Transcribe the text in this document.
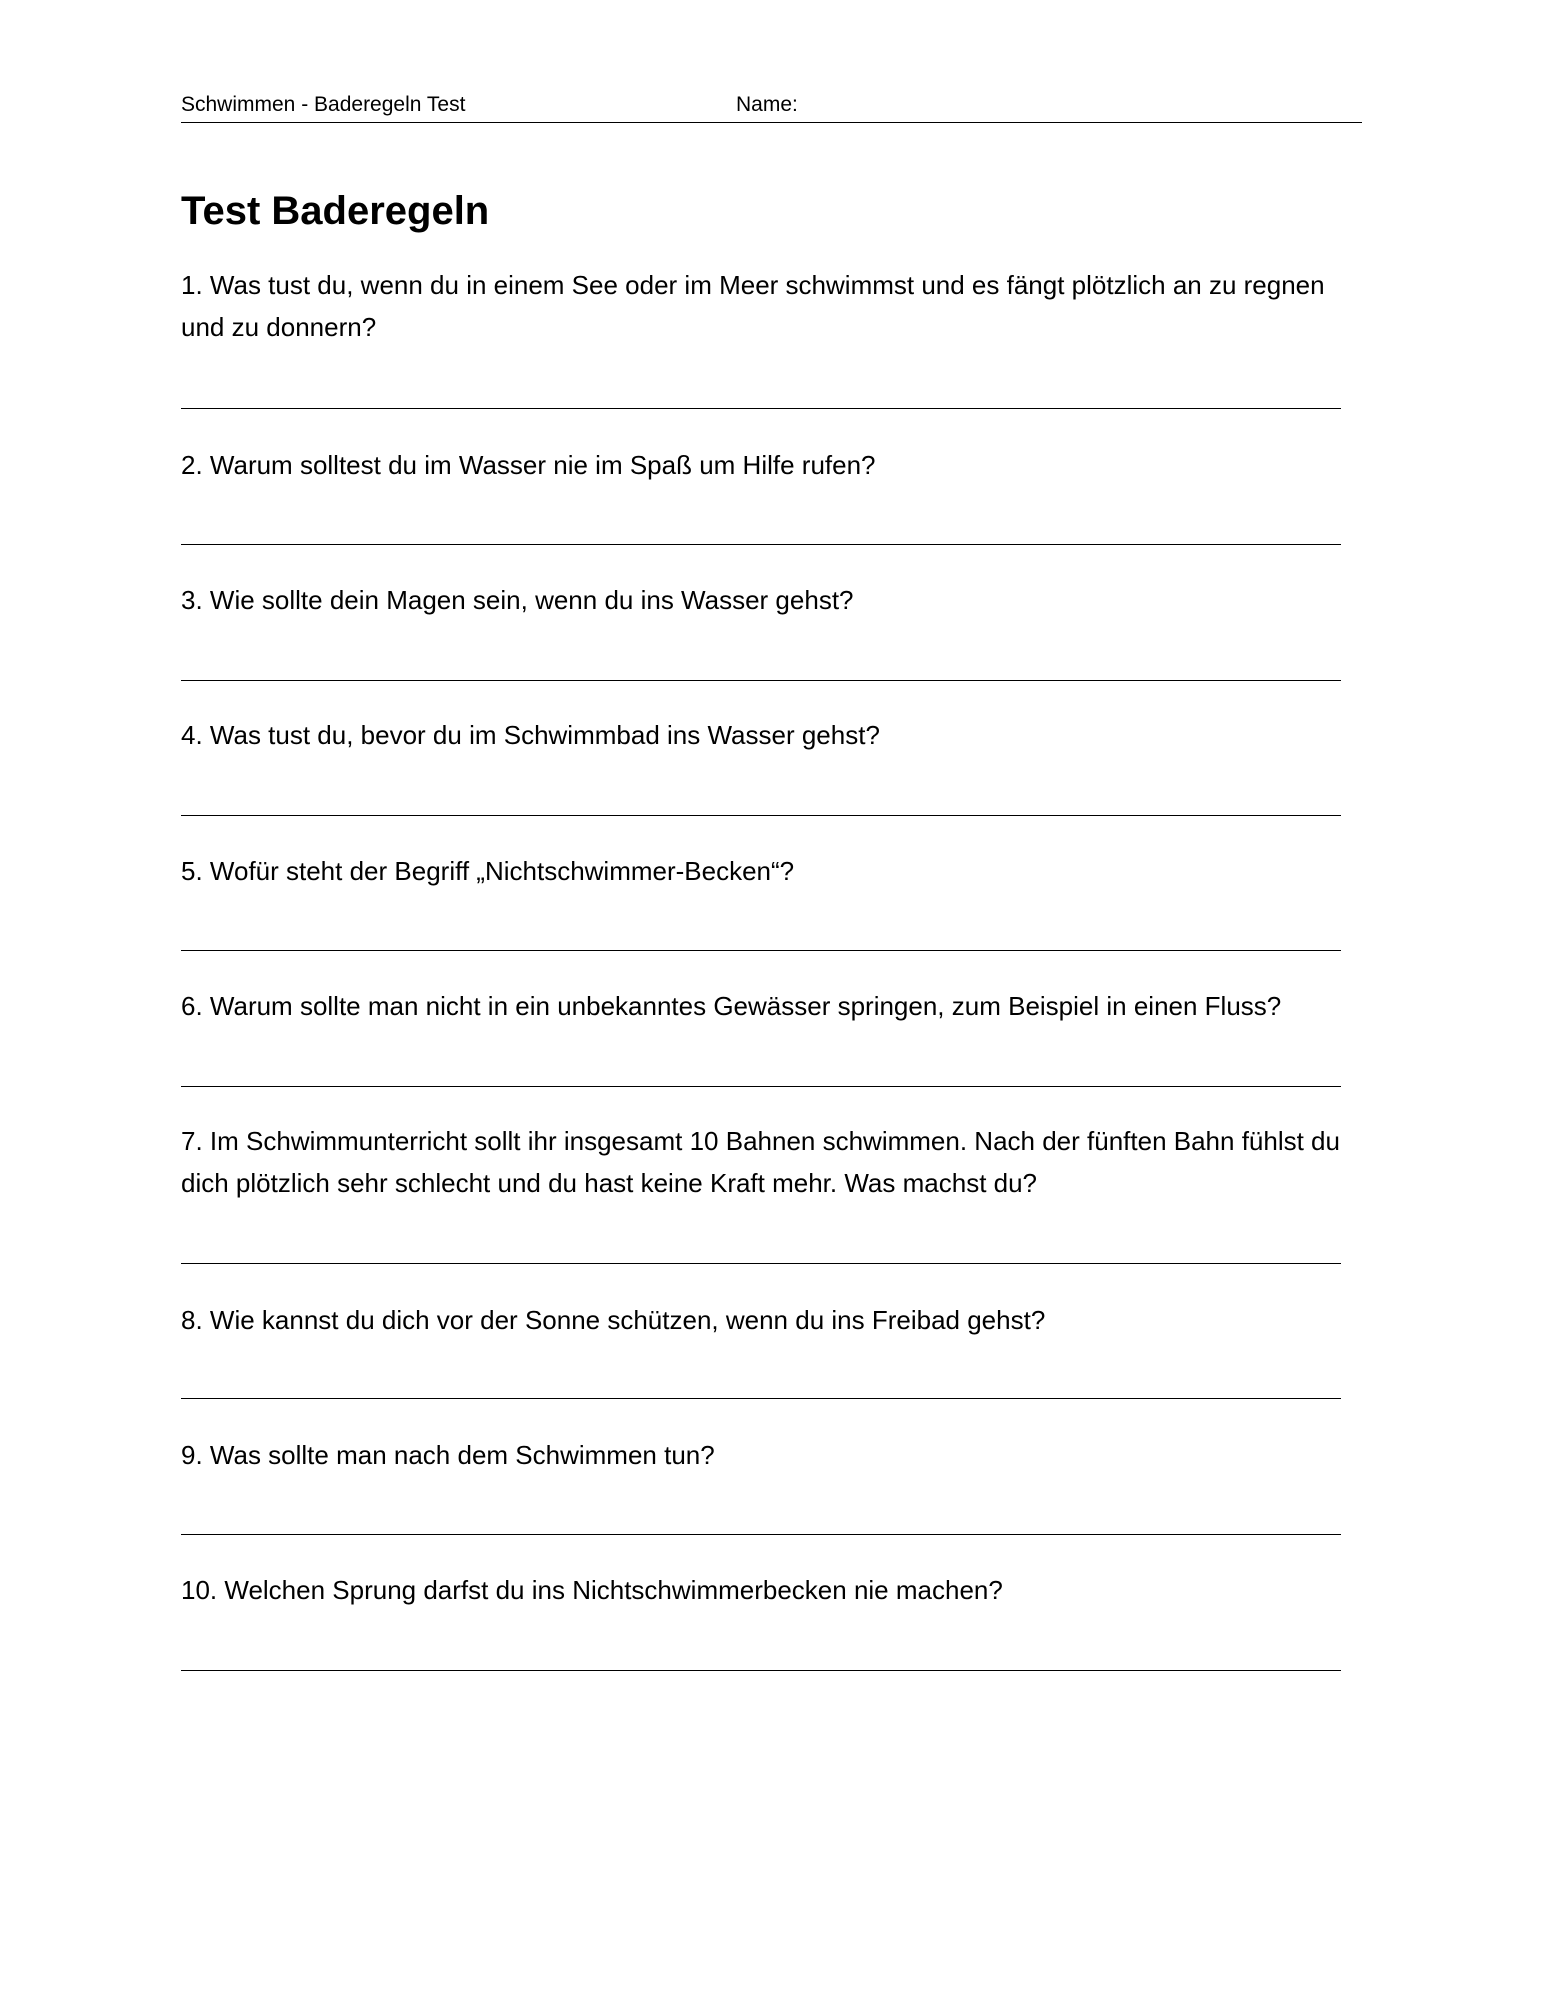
Schwimmen - Baderegeln Test	Name:
Test Baderegeln
1. Was tust du, wenn du in einem See oder im Meer schwimmst und es fängt plötzlich an zu regnen und zu donnern?
2. Warum solltest du im Wasser nie im Spaß um Hilfe rufen?
3. Wie sollte dein Magen sein, wenn du ins Wasser gehst?
4. Was tust du, bevor du im Schwimmbad ins Wasser gehst?
5. Wofür steht der Begriff „Nichtschwimmer-Becken“?
6. Warum sollte man nicht in ein unbekanntes Gewässer springen, zum Beispiel in einen Fluss?
7. Im Schwimmunterricht sollt ihr insgesamt 10 Bahnen schwimmen. Nach der fünften Bahn fühlst du dich plötzlich sehr schlecht und du hast keine Kraft mehr. Was machst du?
8. Wie kannst du dich vor der Sonne schützen, wenn du ins Freibad gehst?
9. Was sollte man nach dem Schwimmen tun?
10. Welchen Sprung darfst du ins Nichtschwimmerbecken nie machen?
